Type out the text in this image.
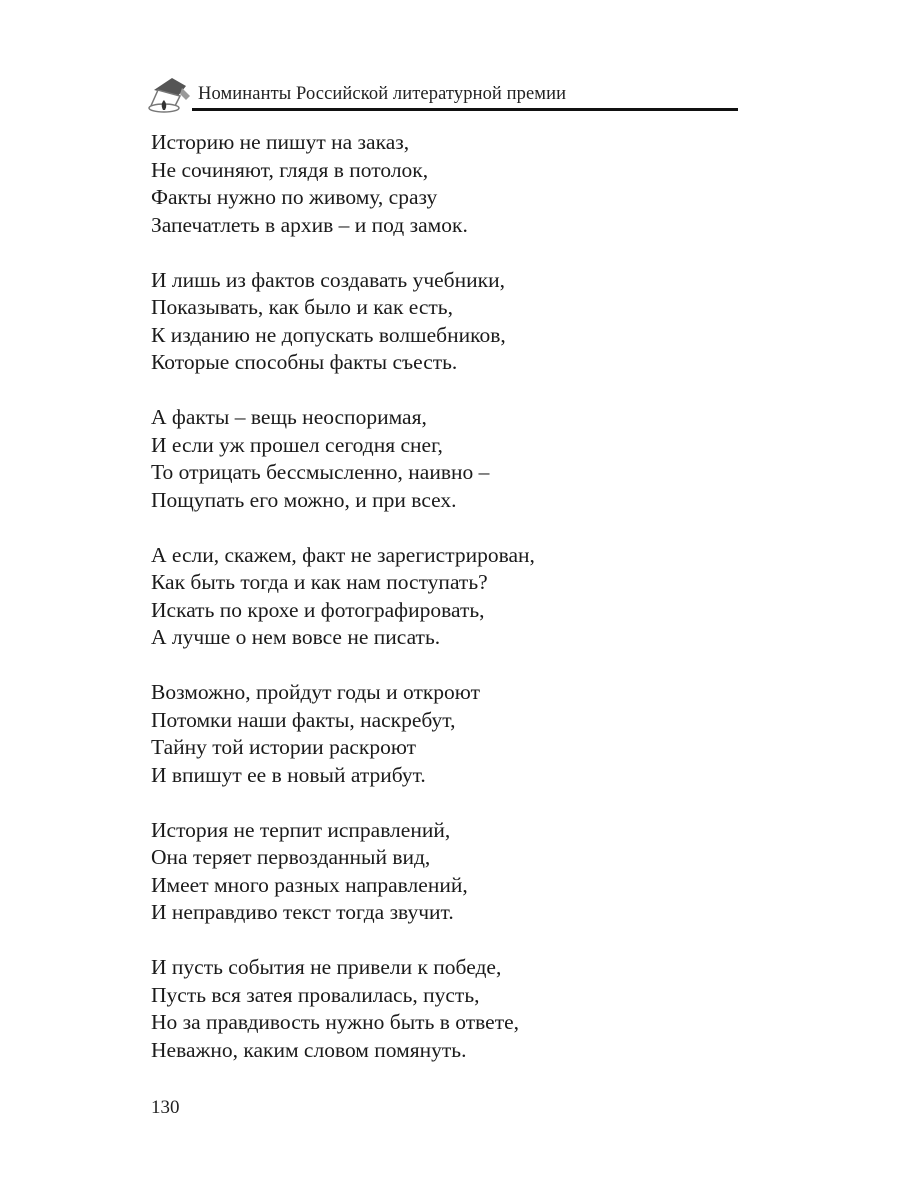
Номинанты Российской литературной премии
Историю не пишут на заказ,
Не сочиняют, глядя в потолок,
Факты нужно по живому, сразу
Запечатлеть в архив – и под замок.
И лишь из фактов создавать учебники,
Показывать, как было и как есть,
К изданию не допускать волшебников,
Которые способны факты съесть.
А факты – вещь неоспоримая,
И если уж прошел сегодня снег,
То отрицать бессмысленно, наивно –
Пощупать его можно, и при всех.
А если, скажем, факт не зарегистрирован,
Как быть тогда и как нам поступать?
Искать по крохе и фотографировать,
А лучше о нем вовсе не писать.
Возможно, пройдут годы и откроют
Потомки наши факты, наскребут,
Тайну той истории раскроют
И впишут ее в новый атрибут.
История не терпит исправлений,
Она теряет первозданный вид,
Имеет много разных направлений,
И неправдиво текст тогда звучит.
И пусть события не привели к победе,
Пусть вся затея провалилась, пусть,
Но за правдивость нужно быть в ответе,
Неважно, каким словом помянуть.
130
